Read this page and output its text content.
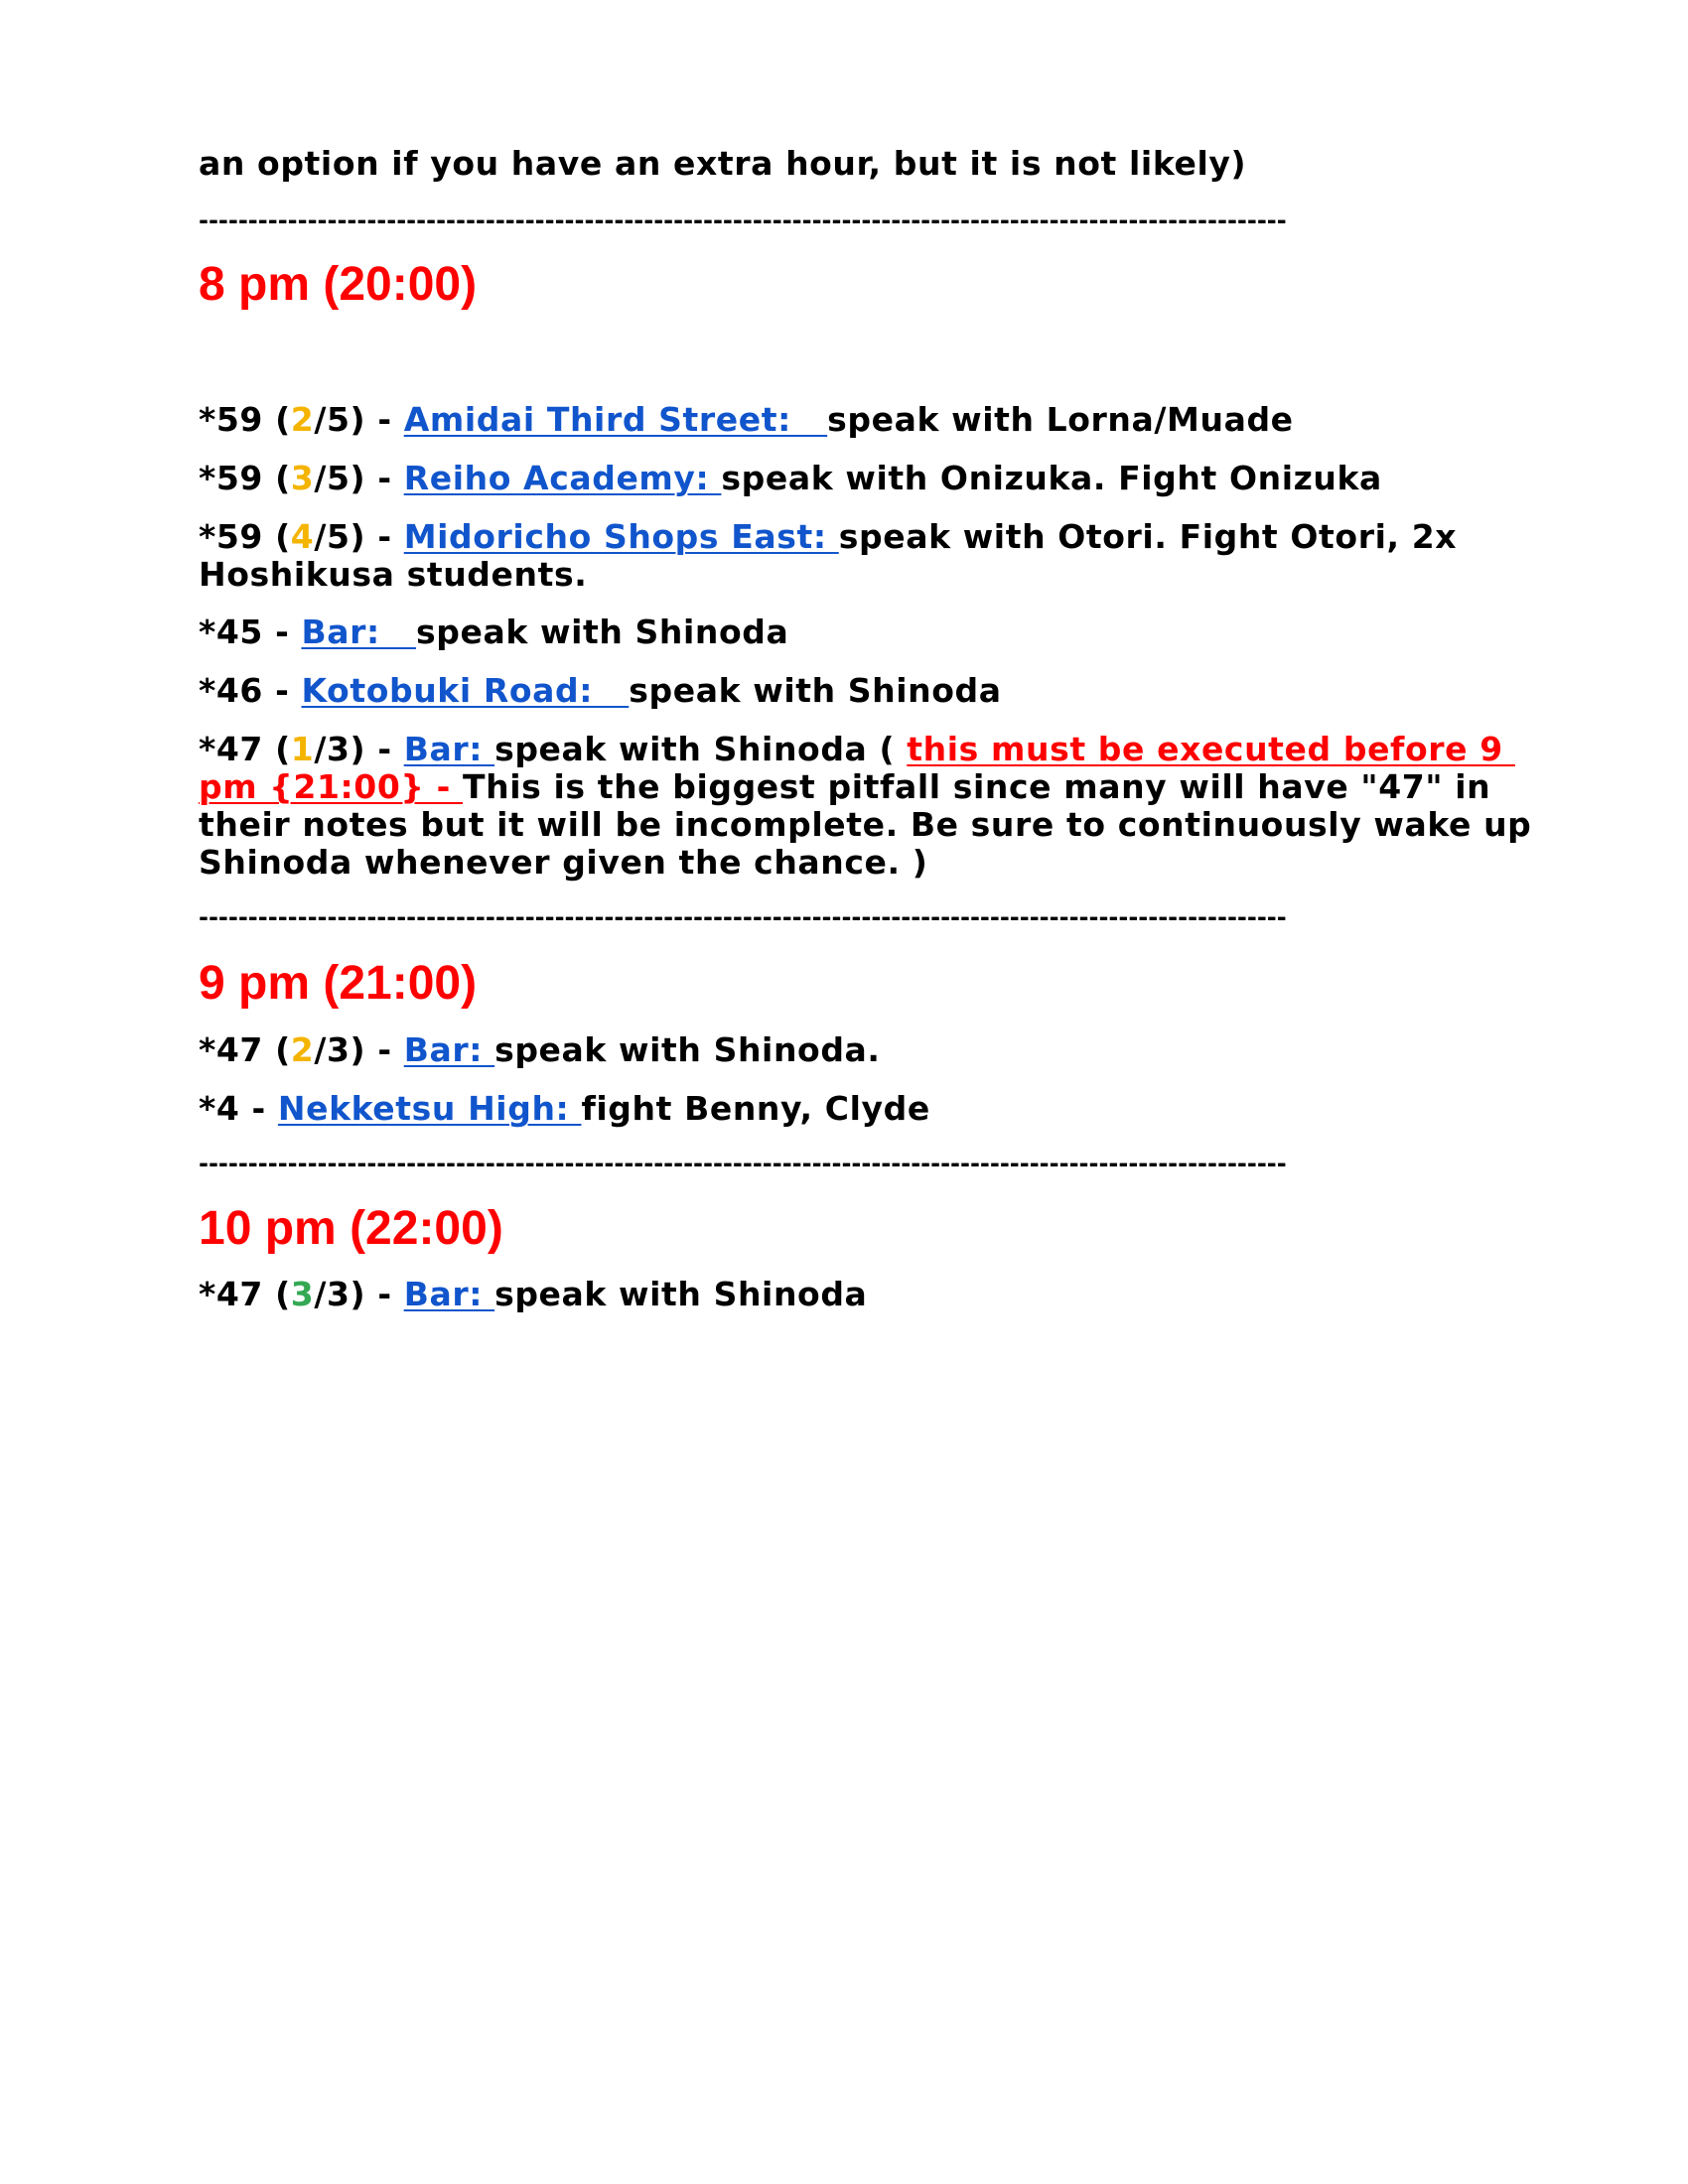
an option if you have an extra hour, but it is not likely)
--------------------------------------------------------------------------------------------------------------
8 pm (20:00)
*59 (2/5) - Amidai Third Street:   speak with Lorna/Muade
*59 (3/5) - Reiho Academy: speak with Onizuka. Fight Onizuka
*59 (4/5) - Midoricho Shops East: speak with Otori. Fight Otori, 2x
Hoshikusa students.
*45 - Bar:   speak with Shinoda
*46 - Kotobuki Road:   speak with Shinoda
*47 (1/3) - Bar: speak with Shinoda ( this must be executed before 9
pm {21:00} - This is the biggest pitfall since many will have "47" in
their notes but it will be incomplete. Be sure to continuously wake up
Shinoda whenever given the chance. )
--------------------------------------------------------------------------------------------------------------
9 pm (21:00)
*47 (2/3) - Bar: speak with Shinoda.
*4 - Nekketsu High: fight Benny, Clyde
--------------------------------------------------------------------------------------------------------------
10 pm (22:00)
*47 (3/3) - Bar: speak with Shinoda
